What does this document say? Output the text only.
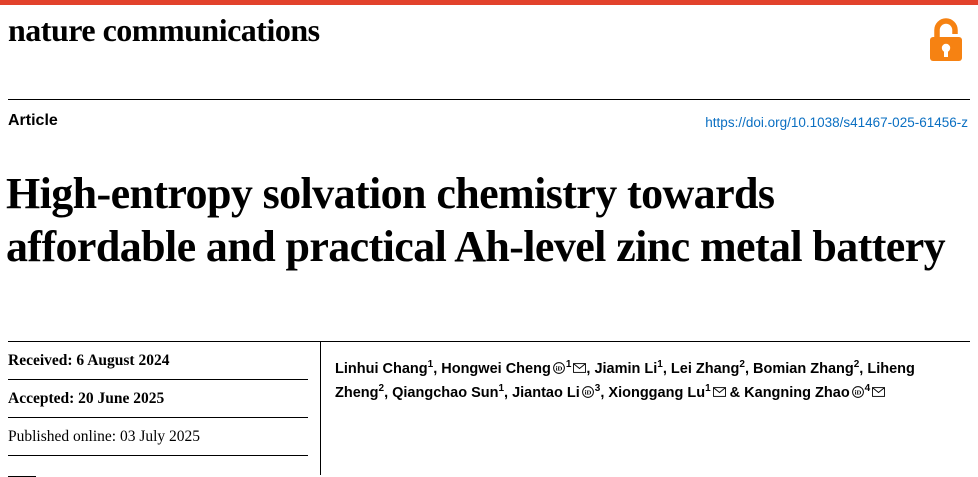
nature communications
Article	https://doi.org/10.1038/s41467-025-61456-z
High-entropy solvation chemistry towards affordable and practical Ah-level zinc metal battery
Received: 6 August 2024
Accepted: 20 June 2025
Published online: 03 July 2025
Linhui Chang$^1$, Hongwei Cheng iD $^1$ , Jiamin Li$^1$, Lei Zhang$^2$, Bomian Zhang$^2$, Liheng Zheng$^2$, Qiangchao Sun$^1$, Jiantao Li iD $^3$, Xionggang Lu$^1$
& Kangning Zhao iD $^4$
